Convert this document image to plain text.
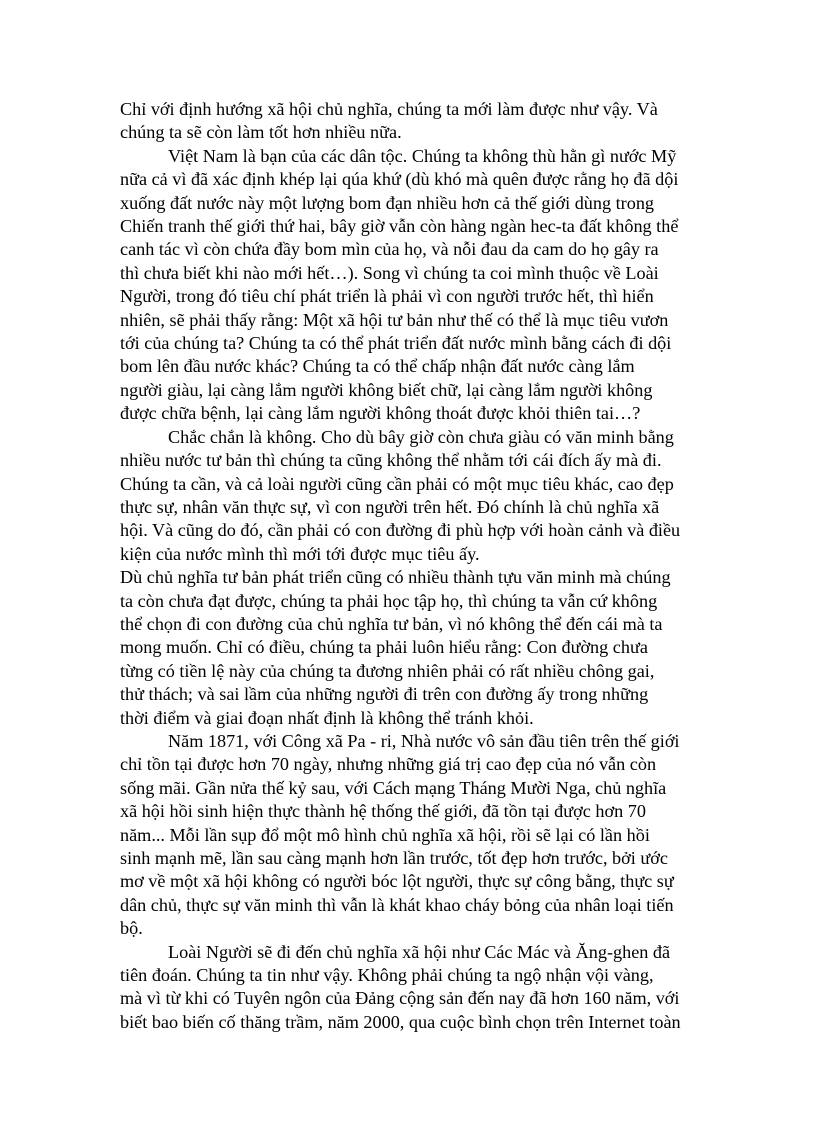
Chỉ với định hướng xã hội chủ nghĩa, chúng ta mới làm được như vậy. Và
chúng ta sẽ còn làm tốt hơn nhiều nữa.

Việt Nam là bạn của các dân tộc. Chúng ta không thù hằn gì nước Mỹ
nữa cả vì đã xác định khép lại qúa khứ (dù khó mà quên được rằng họ đã dội
xuống đất nước này một lượng bom đạn nhiều hơn cả thế giới dùng trong
Chiến tranh thế giới thứ hai, bây giờ vẫn còn hàng ngàn hec-ta đất không thể
canh tác vì còn chứa đầy bom mìn của họ, và nỗi đau da cam do họ gây ra
thì chưa biết khi nào mới hết…). Song vì chúng ta coi mình thuộc về Loài
Người, trong đó tiêu chí phát triển là phải vì con người trước hết, thì hiển
nhiên, sẽ phải thấy rằng: Một xã hội tư bản như thế có thể là mục tiêu vươn
tới của chúng ta? Chúng ta có thể phát triển đất nước mình bằng cách đi dội
bom lên đầu nước khác? Chúng ta có thể chấp nhận đất nước càng lắm
người giàu, lại càng lắm người không biết chữ, lại càng lắm người không
được chữa bệnh, lại càng lắm người không thoát được khỏi thiên tai…?

Chắc chắn là không. Cho dù bây giờ còn chưa giàu có văn minh bằng
nhiều nước tư bản thì chúng ta cũng không thể nhằm tới cái đích ấy mà đi.
Chúng ta cần, và cả loài người cũng cần phải có một mục tiêu khác, cao đẹp
thực sự, nhân văn thực sự, vì con người trên hết. Đó chính là chủ nghĩa xã
hội. Và cũng do đó, cần phải có con đường đi phù hợp với hoàn cảnh và điều
kiện của nước mình thì mới tới được mục tiêu ấy.

Dù chủ nghĩa tư bản phát triển cũng có nhiều thành tựu văn minh mà chúng
ta còn chưa đạt được, chúng ta phải học tập họ, thì chúng ta vẫn cứ không
thể chọn đi con đường của chủ nghĩa tư bản, vì nó không thể đến cái mà ta
mong muốn. Chỉ có điều, chúng ta phải luôn hiểu rằng: Con đường chưa
từng có tiền lệ này của chúng ta đương nhiên phải có rất nhiều chông gai,
thử thách; và sai lầm của những người đi trên con đường ấy trong những
thời điểm và giai đoạn nhất định là không thể tránh khỏi.

Năm 1871, với Công xã Pa - ri, Nhà nước vô sản đầu tiên trên thế giới
chỉ tồn tại được hơn 70 ngày, nhưng những giá trị cao đẹp của nó vẫn còn
sống mãi. Gần nửa thế kỷ sau, với Cách mạng Tháng Mười Nga, chủ nghĩa
xã hội hồi sinh hiện thực thành hệ thống thế giới, đã tồn tại được hơn 70
năm... Mỗi lần sụp đổ một mô hình chủ nghĩa xã hội, rồi sẽ lại có lần hồi
sinh mạnh mẽ, lần sau càng mạnh hơn lần trước, tốt đẹp hơn trước, bởi ước
mơ về một xã hội không có người bóc lột người, thực sự công bằng, thực sự
dân chủ, thực sự văn minh thì vẫn là khát khao cháy bỏng của nhân loại tiến
bộ.

Loài Người sẽ đi đến chủ nghĩa xã hội như Các Mác và Ăng-ghen đã
tiên đoán. Chúng ta tin như vậy. Không phải chúng ta ngộ nhận vội vàng,
mà vì từ khi có Tuyên ngôn của Đảng cộng sản đến nay đã hơn 160 năm, với
biết bao biến cố thăng trầm, năm 2000, qua cuộc bình chọn trên Internet toàn
